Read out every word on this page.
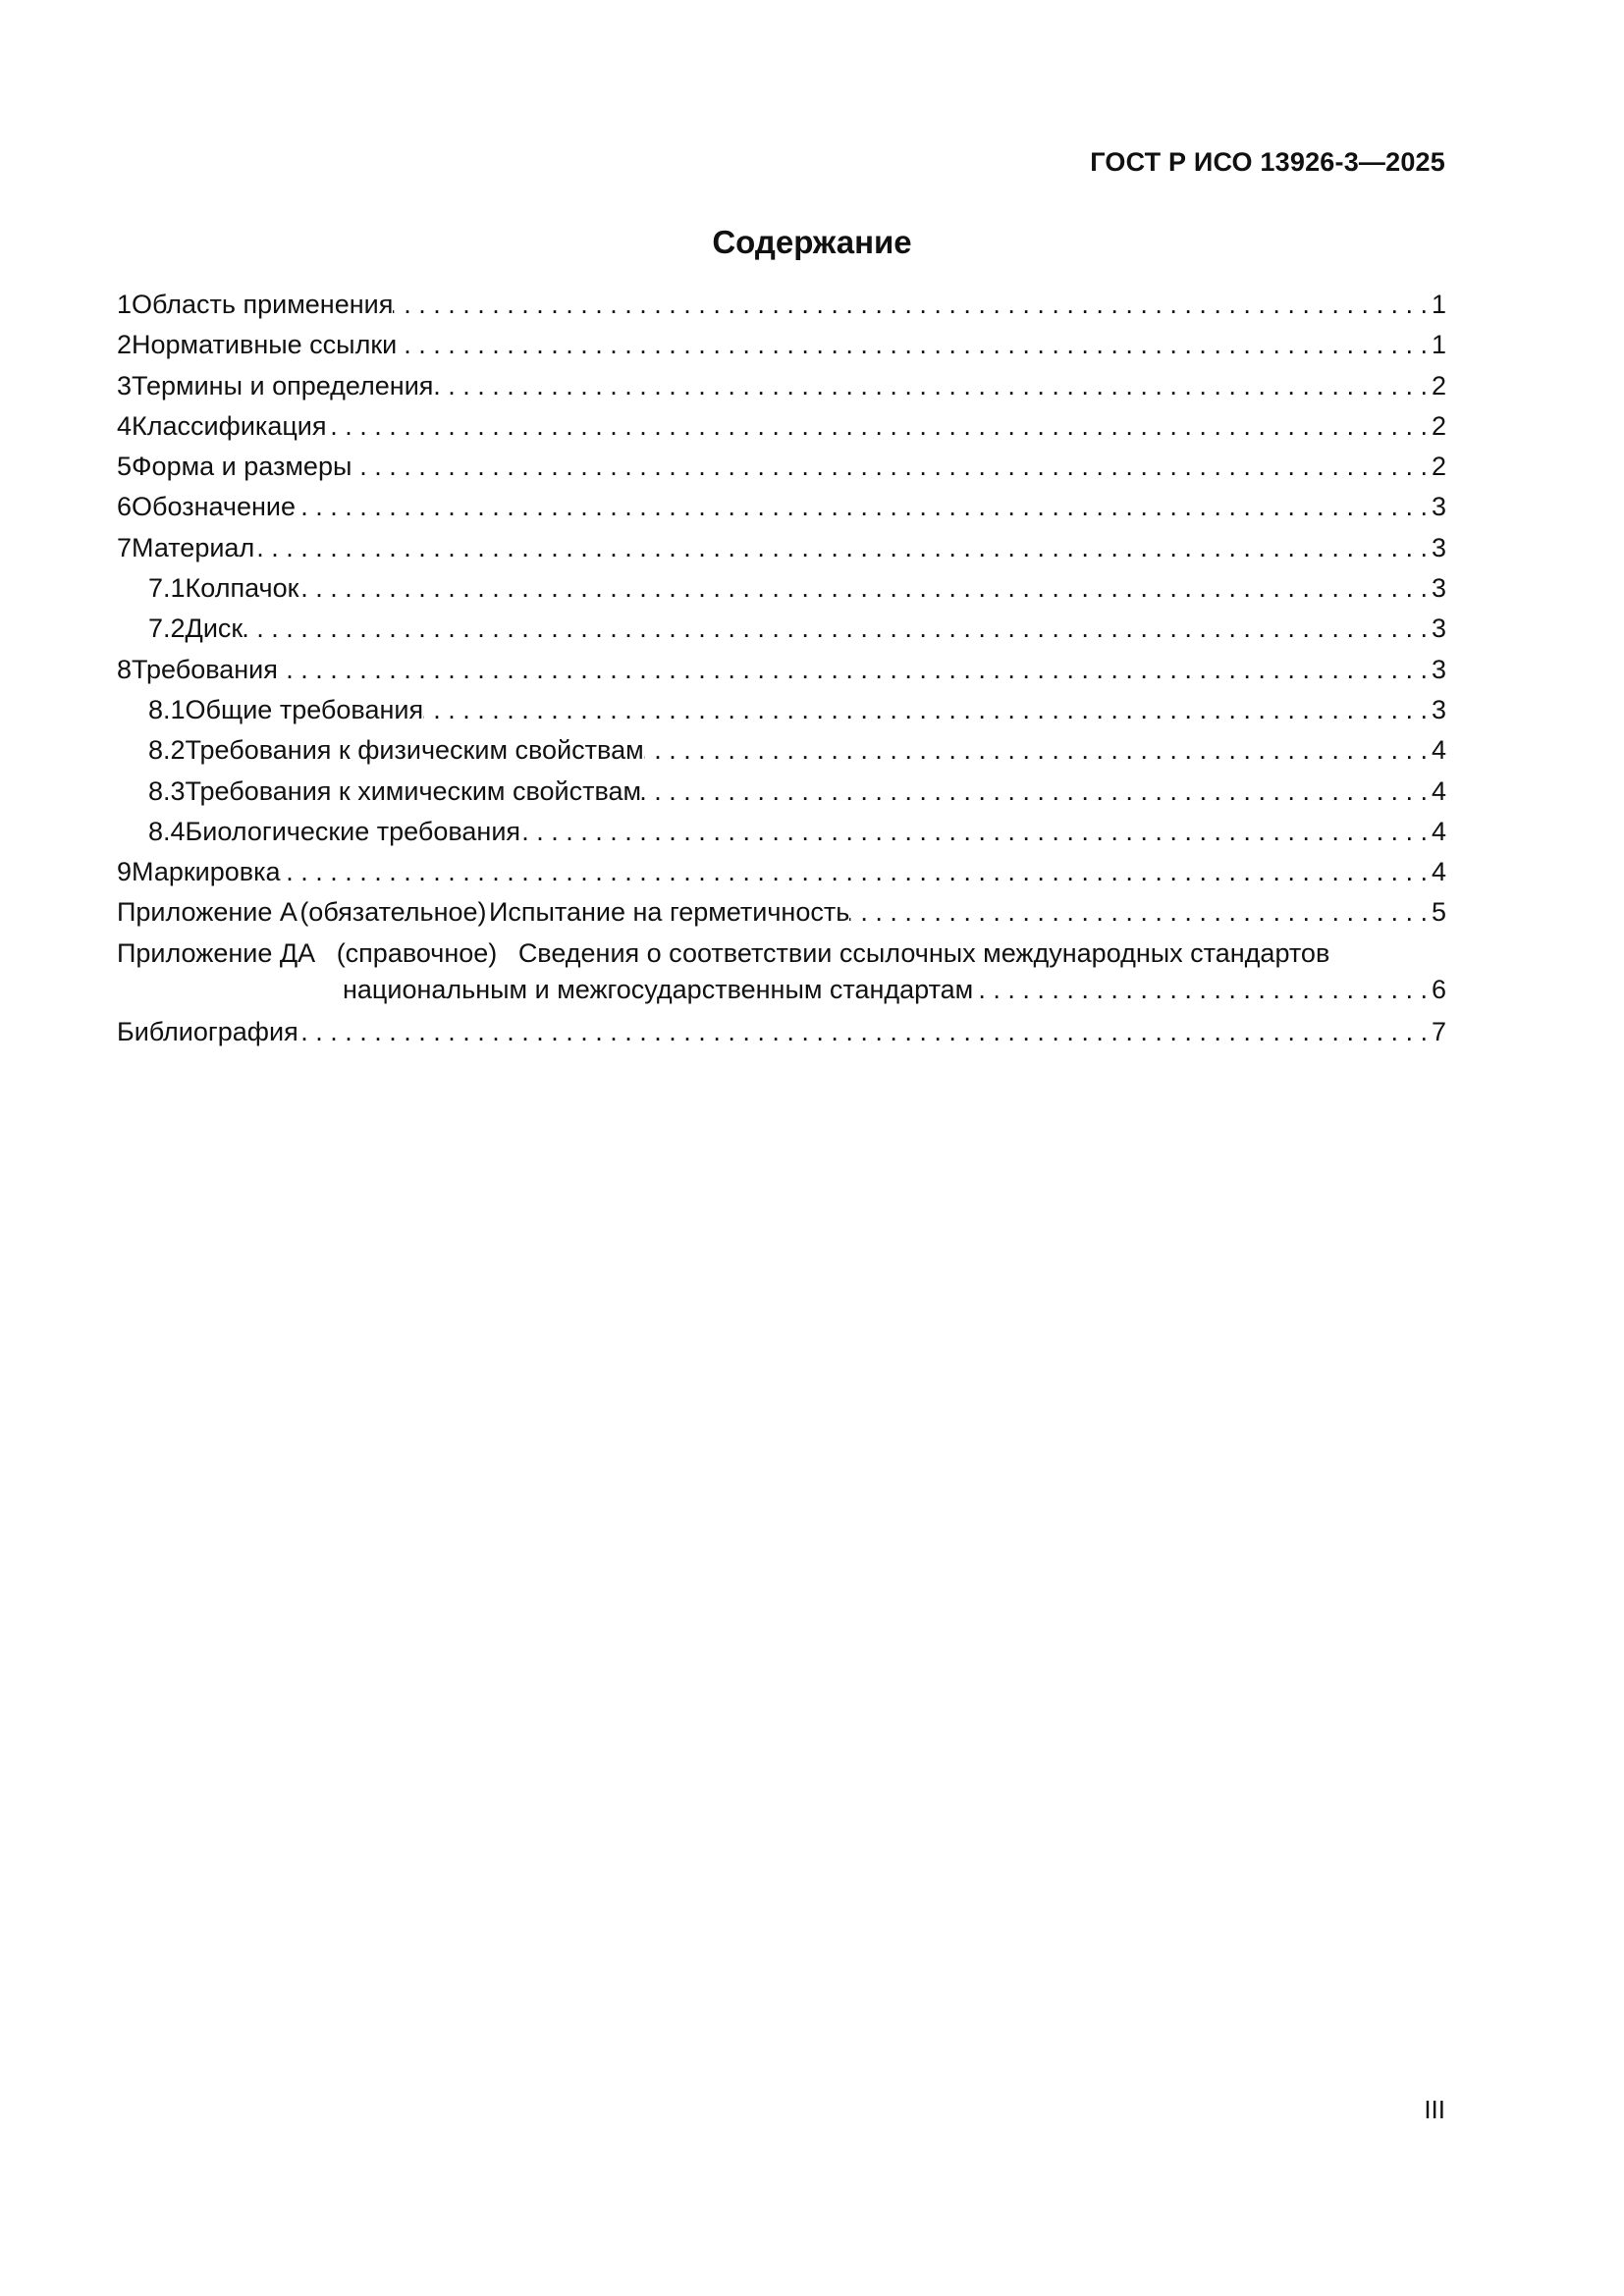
ГОСТ Р ИСО 13926-3—2025
Содержание
1 Область применения . . .	1
2 Нормативные ссылки . . .	1
3 Термины и определения . . .	2
4 Классификация . . .	2
5 Форма и размеры . . .	2
6 Обозначение . . .	3
7 Материал . . .	3
7.1 Колпачок . . .	3
7.2 Диск . . .	3
8 Требования . . .	3
8.1 Общие требования . . .	3
8.2 Требования к физическим свойствам . . .	4
8.3 Требования к химическим свойствам . . .	4
8.4 Биологические требования . . .	4
9 Маркировка . . .	4
Приложение А (обязательное) Испытание на герметичность . . .	5
Приложение ДА (справочное) Сведения о соответствии ссылочных международных стандартов
национальным и межгосударственным стандартам . . .	6
Библиография . . .	7
III
